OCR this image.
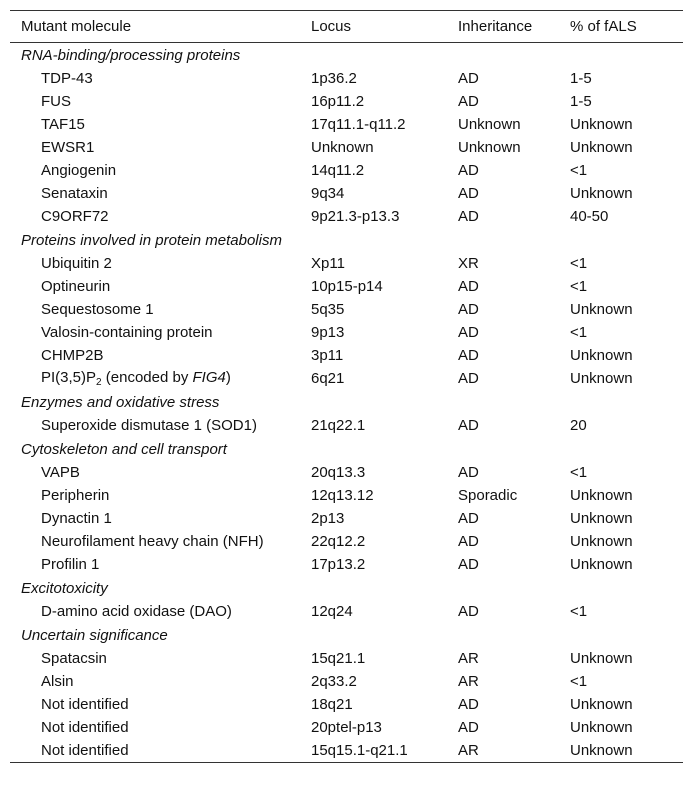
Mutant molecule	Locus	Inheritance	% of fALS
RNA-binding/processing proteins			
TDP-43	1p36.2	AD	1-5
FUS	16p11.2	AD	1-5
TAF15	17q11.1-q11.2	Unknown	Unknown
EWSR1	Unknown	Unknown	Unknown
Angiogenin	14q11.2	AD	<1
Senataxin	9q34	AD	Unknown
C9ORF72	9p21.3-p13.3	AD	40-50
Proteins involved in protein metabolism			
Ubiquitin 2	Xp11	XR	<1
Optineurin	10p15-p14	AD	<1
Sequestosome 1	5q35	AD	Unknown
Valosin-containing protein	9p13	AD	<1
CHMP2B	3p11	AD	Unknown
$PI(3,5)P_2$ (encoded by FIG4)	6q21	AD	Unknown
Enzymes and oxidative stress			
Superoxide dismutase 1 (SOD1)	21q22.1	AD	20
Cytoskeleton and cell transport			
VAPB	20q13.3	AD	<1
Peripherin	12q13.12	Sporadic	Unknown
Dynactin 1	2p13	AD	Unknown
Neurofilament heavy chain (NFH)	22q12.2	AD	Unknown
Profilin 1	17p13.2	AD	Unknown
Excitotoxicity			
D-amino acid oxidase (DAO)	12q24	AD	<1
Uncertain significance			
Spatacsin	15q21.1	AR	Unknown
Alsin	2q33.2	AR	<1
Not identified	18q21	AD	Unknown
Not identified	20ptel-p13	AD	Unknown
Not identified	15q15.1-q21.1	AR	Unknown
